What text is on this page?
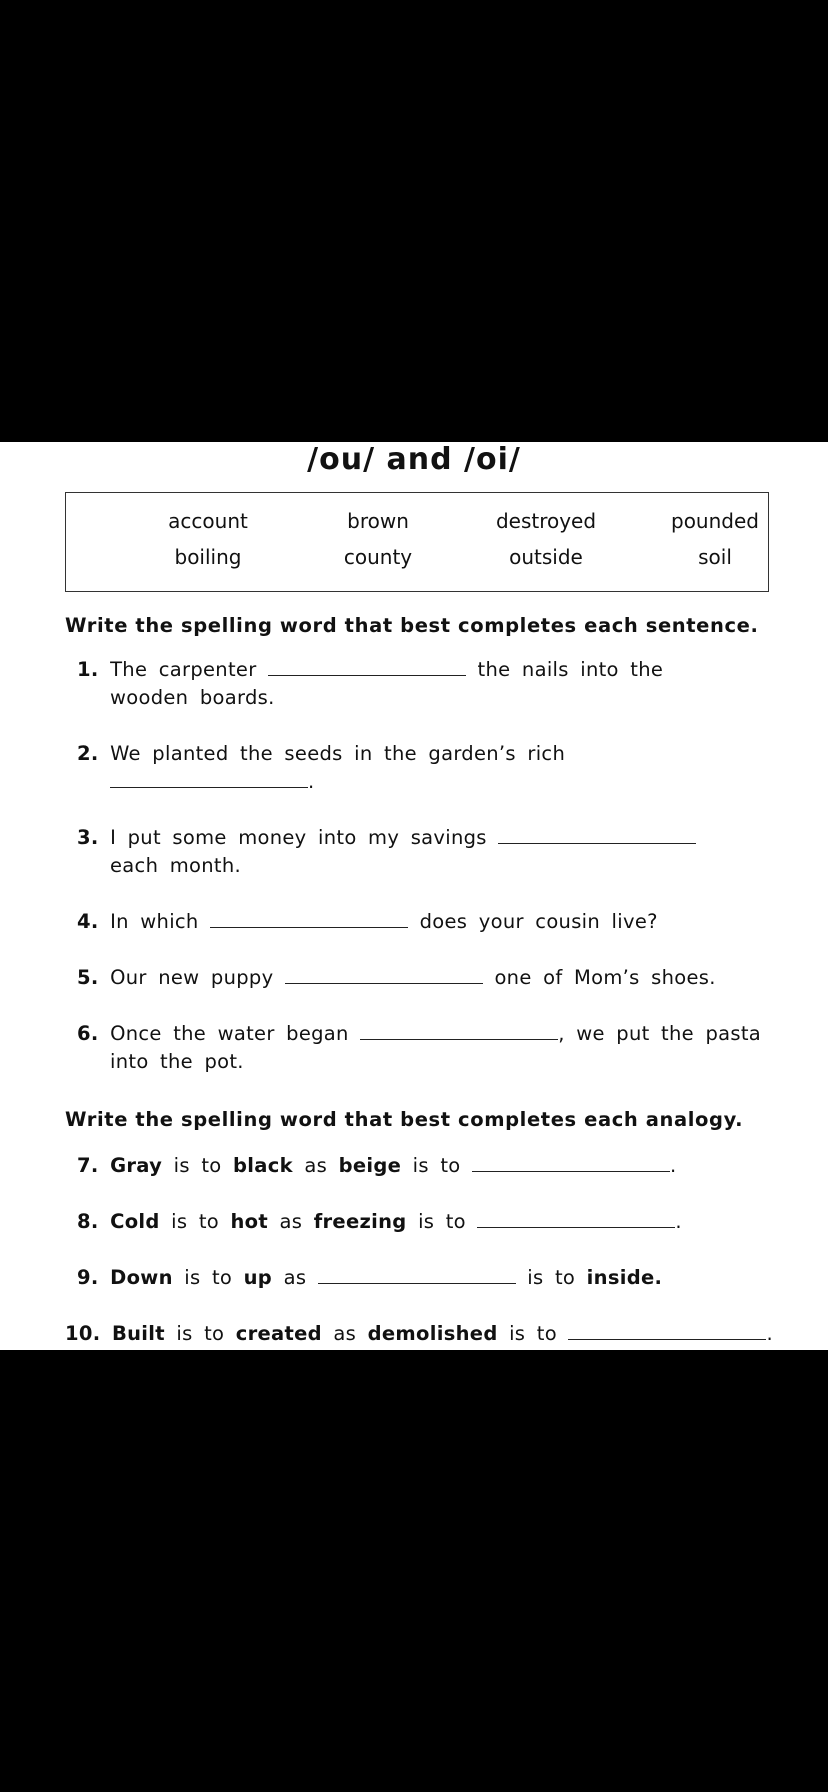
/ou/ and /oi/
account	brown	destroyed	pounded
boiling	county	outside	soil
Write the spelling word that best completes each sentence.
1. The carpenter	the nails into the
wooden boards.
2. We planted the seeds in the garden’s rich
.
3. I put some money into my savings
each month.
4. In which	does your cousin live?
5. Our new puppy	one of Mom’s shoes.
6. Once the water began	, we put the pasta
into the pot.
Write the spelling word that best completes each analogy.
7. Gray is to black as beige is to	.
8. Cold is to hot as freezing is to	.
9. Down is to up as	is to inside.
10. Built is to created as demolished is to	.
